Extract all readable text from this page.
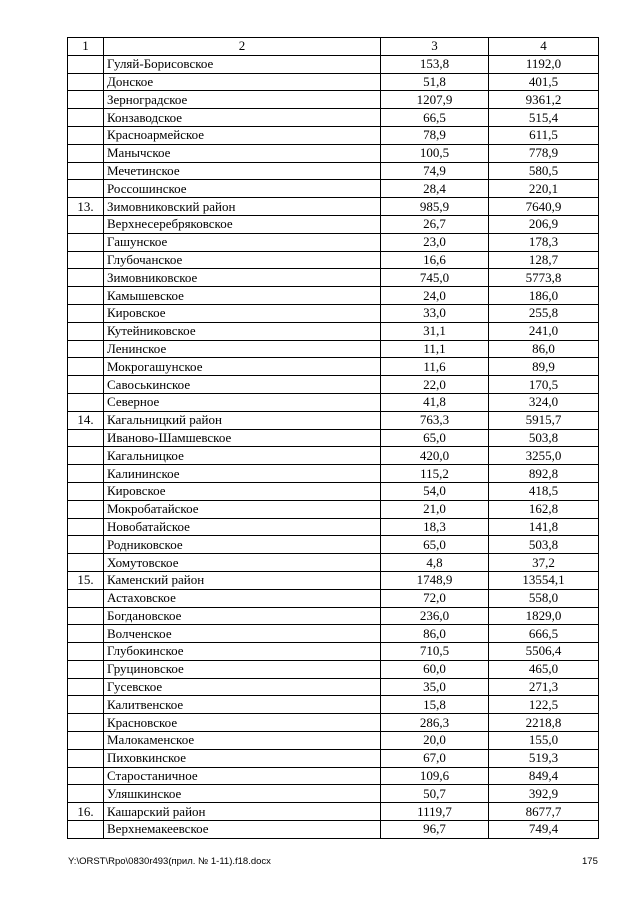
1	2	3	4
	Гуляй-Борисовское	153,8	1192,0
	Донское	51,8	401,5
	Зерноградское	1207,9	9361,2
	Конзаводское	66,5	515,4
	Красноармейское	78,9	611,5
	Манычское	100,5	778,9
	Мечетинское	74,9	580,5
	Россошинское	28,4	220,1
13.	Зимовниковский район	985,9	7640,9
	Верхнесеребряковское	26,7	206,9
	Гашунское	23,0	178,3
	Глубочанское	16,6	128,7
	Зимовниковское	745,0	5773,8
	Камышевское	24,0	186,0
	Кировское	33,0	255,8
	Кутейниковское	31,1	241,0
	Ленинское	11,1	86,0
	Мокрогашунское	11,6	89,9
	Савоськинское	22,0	170,5
	Северное	41,8	324,0
14.	Кагальницкий район	763,3	5915,7
	Иваново-Шамшевское	65,0	503,8
	Кагальницкое	420,0	3255,0
	Калининское	115,2	892,8
	Кировское	54,0	418,5
	Мокробатайское	21,0	162,8
	Новобатайское	18,3	141,8
	Родниковское	65,0	503,8
	Хомутовское	4,8	37,2
15.	Каменский район	1748,9	13554,1
	Астаховское	72,0	558,0
	Богдановское	236,0	1829,0
	Волченское	86,0	666,5
	Глубокинское	710,5	5506,4
	Груциновское	60,0	465,0
	Гусевское	35,0	271,3
	Калитвенское	15,8	122,5
	Красновское	286,3	2218,8
	Малокаменское	20,0	155,0
	Пиховкинское	67,0	519,3
	Старостаничное	109,6	849,4
	Уляшкинское	50,7	392,9
16.	Кашарский район	1119,7	8677,7
	Верхнемакеевское	96,7	749,4
Y:\ORST\Rpo\0830r493(прил. № 1-11).f18.docx	175
